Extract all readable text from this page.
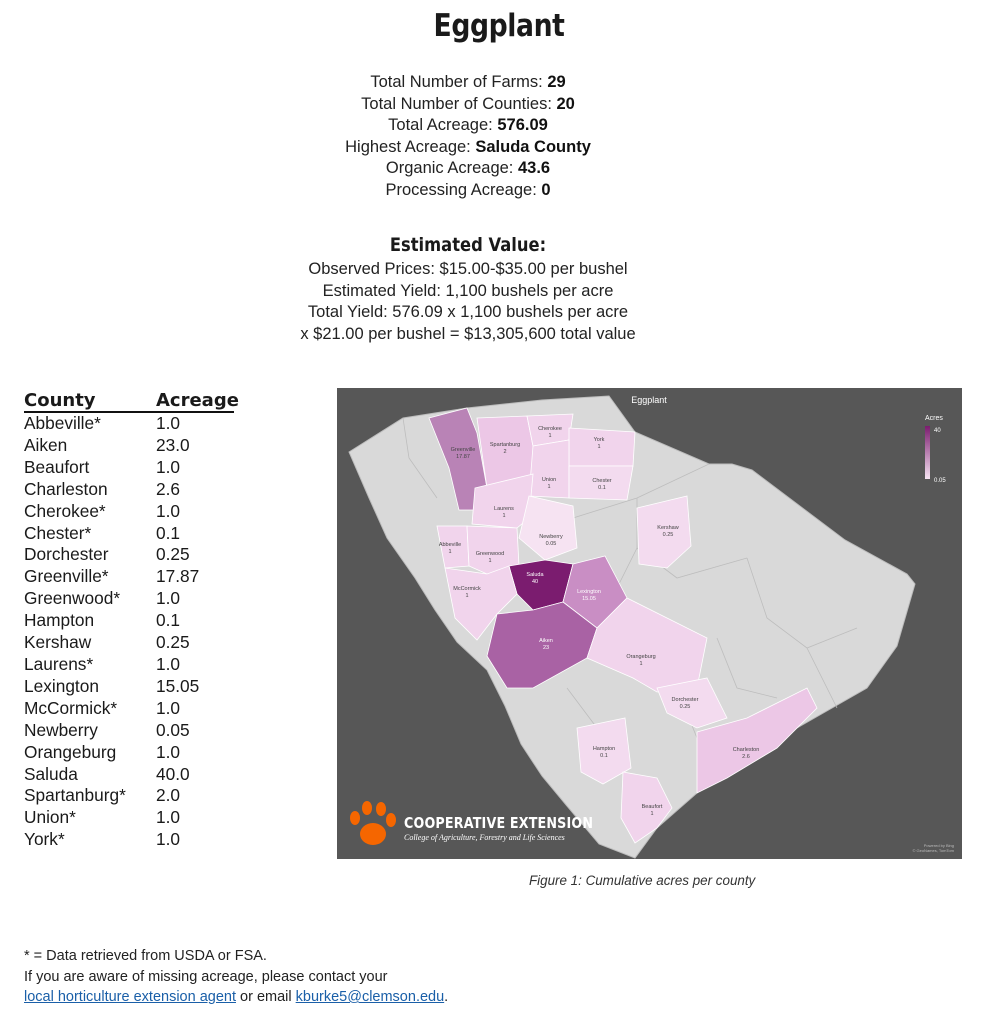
Eggplant
Total Number of Farms: 29
Total Number of Counties: 20
Total Acreage: 576.09
Highest Acreage: Saluda County
Organic Acreage: 43.6
Processing Acreage: 0
Estimated Value:
Observed Prices: $15.00-$35.00 per bushel
Estimated Yield: 1,100 bushels per acre
Total Yield: 576.09 x 1,100 bushels per acre
x $21.00 per bushel = $13,305,600 total value
County	Acreage
Abbeville*	1.0
Aiken	23.0
Beaufort	1.0
Charleston	2.6
Cherokee*	1.0
Chester*	0.1
Dorchester	0.25
Greenville*	17.87
Greenwood*	1.0
Hampton	0.1
Kershaw	0.25
Laurens*	1.0
Lexington	15.05
McCormick*	1.0
Newberry	0.05
Orangeburg	1.0
Saluda	40.0
Spartanburg*	2.0
Union*	1.0
York*	1.0
Greenville 17.87
Spartanburg 2
Cherokee 1
York 1
Union 1
Chester 0.1
Laurens 1
Newberry 0.05
Kershaw 0.25
Abbeville 1	Greenwood 1
Saluda 40
Lexington 15.05
McCormick 1
Aiken 23
Orangeburg 1
Dorchester 0.25
Hampton 0.1
Charleston 2.6
Beaufort 1
Eggplant
Acres
40
0.05
COOPERATIVE EXTENSION
College of Agriculture, Forestry and Life Sciences
Powered by Bing
© GeoNames, TomTom
Figure 1: Cumulative acres per county
* = Data retrieved from USDA or FSA.
If you are aware of missing acreage, please contact your
local horticulture extension agent or email kburke5@clemson.edu.
